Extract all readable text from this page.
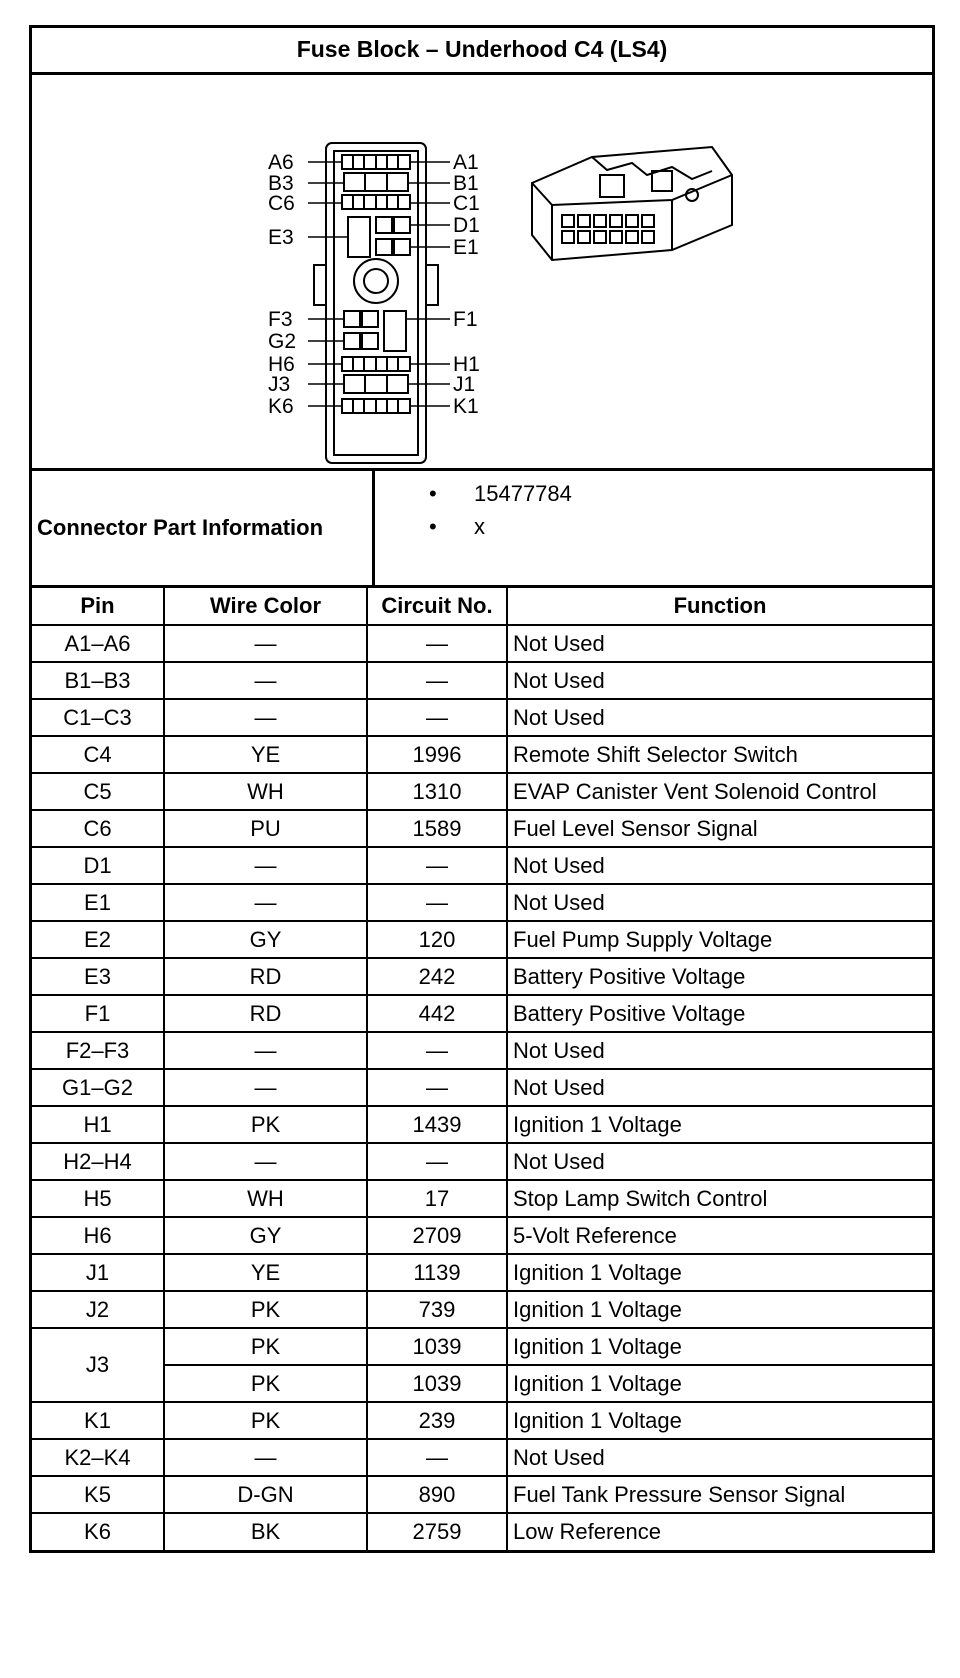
Fuse Block – Underhood C4 (LS4)
A6
B3
C6
E3
F3
G2
H6
J3
K6
A1
B1
C1
D1
E1
F1
H1
J1
K1
Connector Part Information
• 15477784
• x
Pin	Wire Color	Circuit No.	Function
A1–A6	—	—	Not Used
B1–B3	—	—	Not Used
C1–C3	—	—	Not Used
C4	YE	1996	Remote Shift Selector Switch
C5	WH	1310	EVAP Canister Vent Solenoid Control
C6	PU	1589	Fuel Level Sensor Signal
D1	—	—	Not Used
E1	—	—	Not Used
E2	GY	120	Fuel Pump Supply Voltage
E3	RD	242	Battery Positive Voltage
F1	RD	442	Battery Positive Voltage
F2–F3	—	—	Not Used
G1–G2	—	—	Not Used
H1	PK	1439	Ignition 1 Voltage
H2–H4	—	—	Not Used
H5	WH	17	Stop Lamp Switch Control
H6	GY	2709	5-Volt Reference
J1	YE	1139	Ignition 1 Voltage
J2	PK	739	Ignition 1 Voltage
J3	PK	1039	Ignition 1 Voltage
	PK	1039	Ignition 1 Voltage
K1	PK	239	Ignition 1 Voltage
K2–K4	—	—	Not Used
K5	D-GN	890	Fuel Tank Pressure Sensor Signal
K6	BK	2759	Low Reference
